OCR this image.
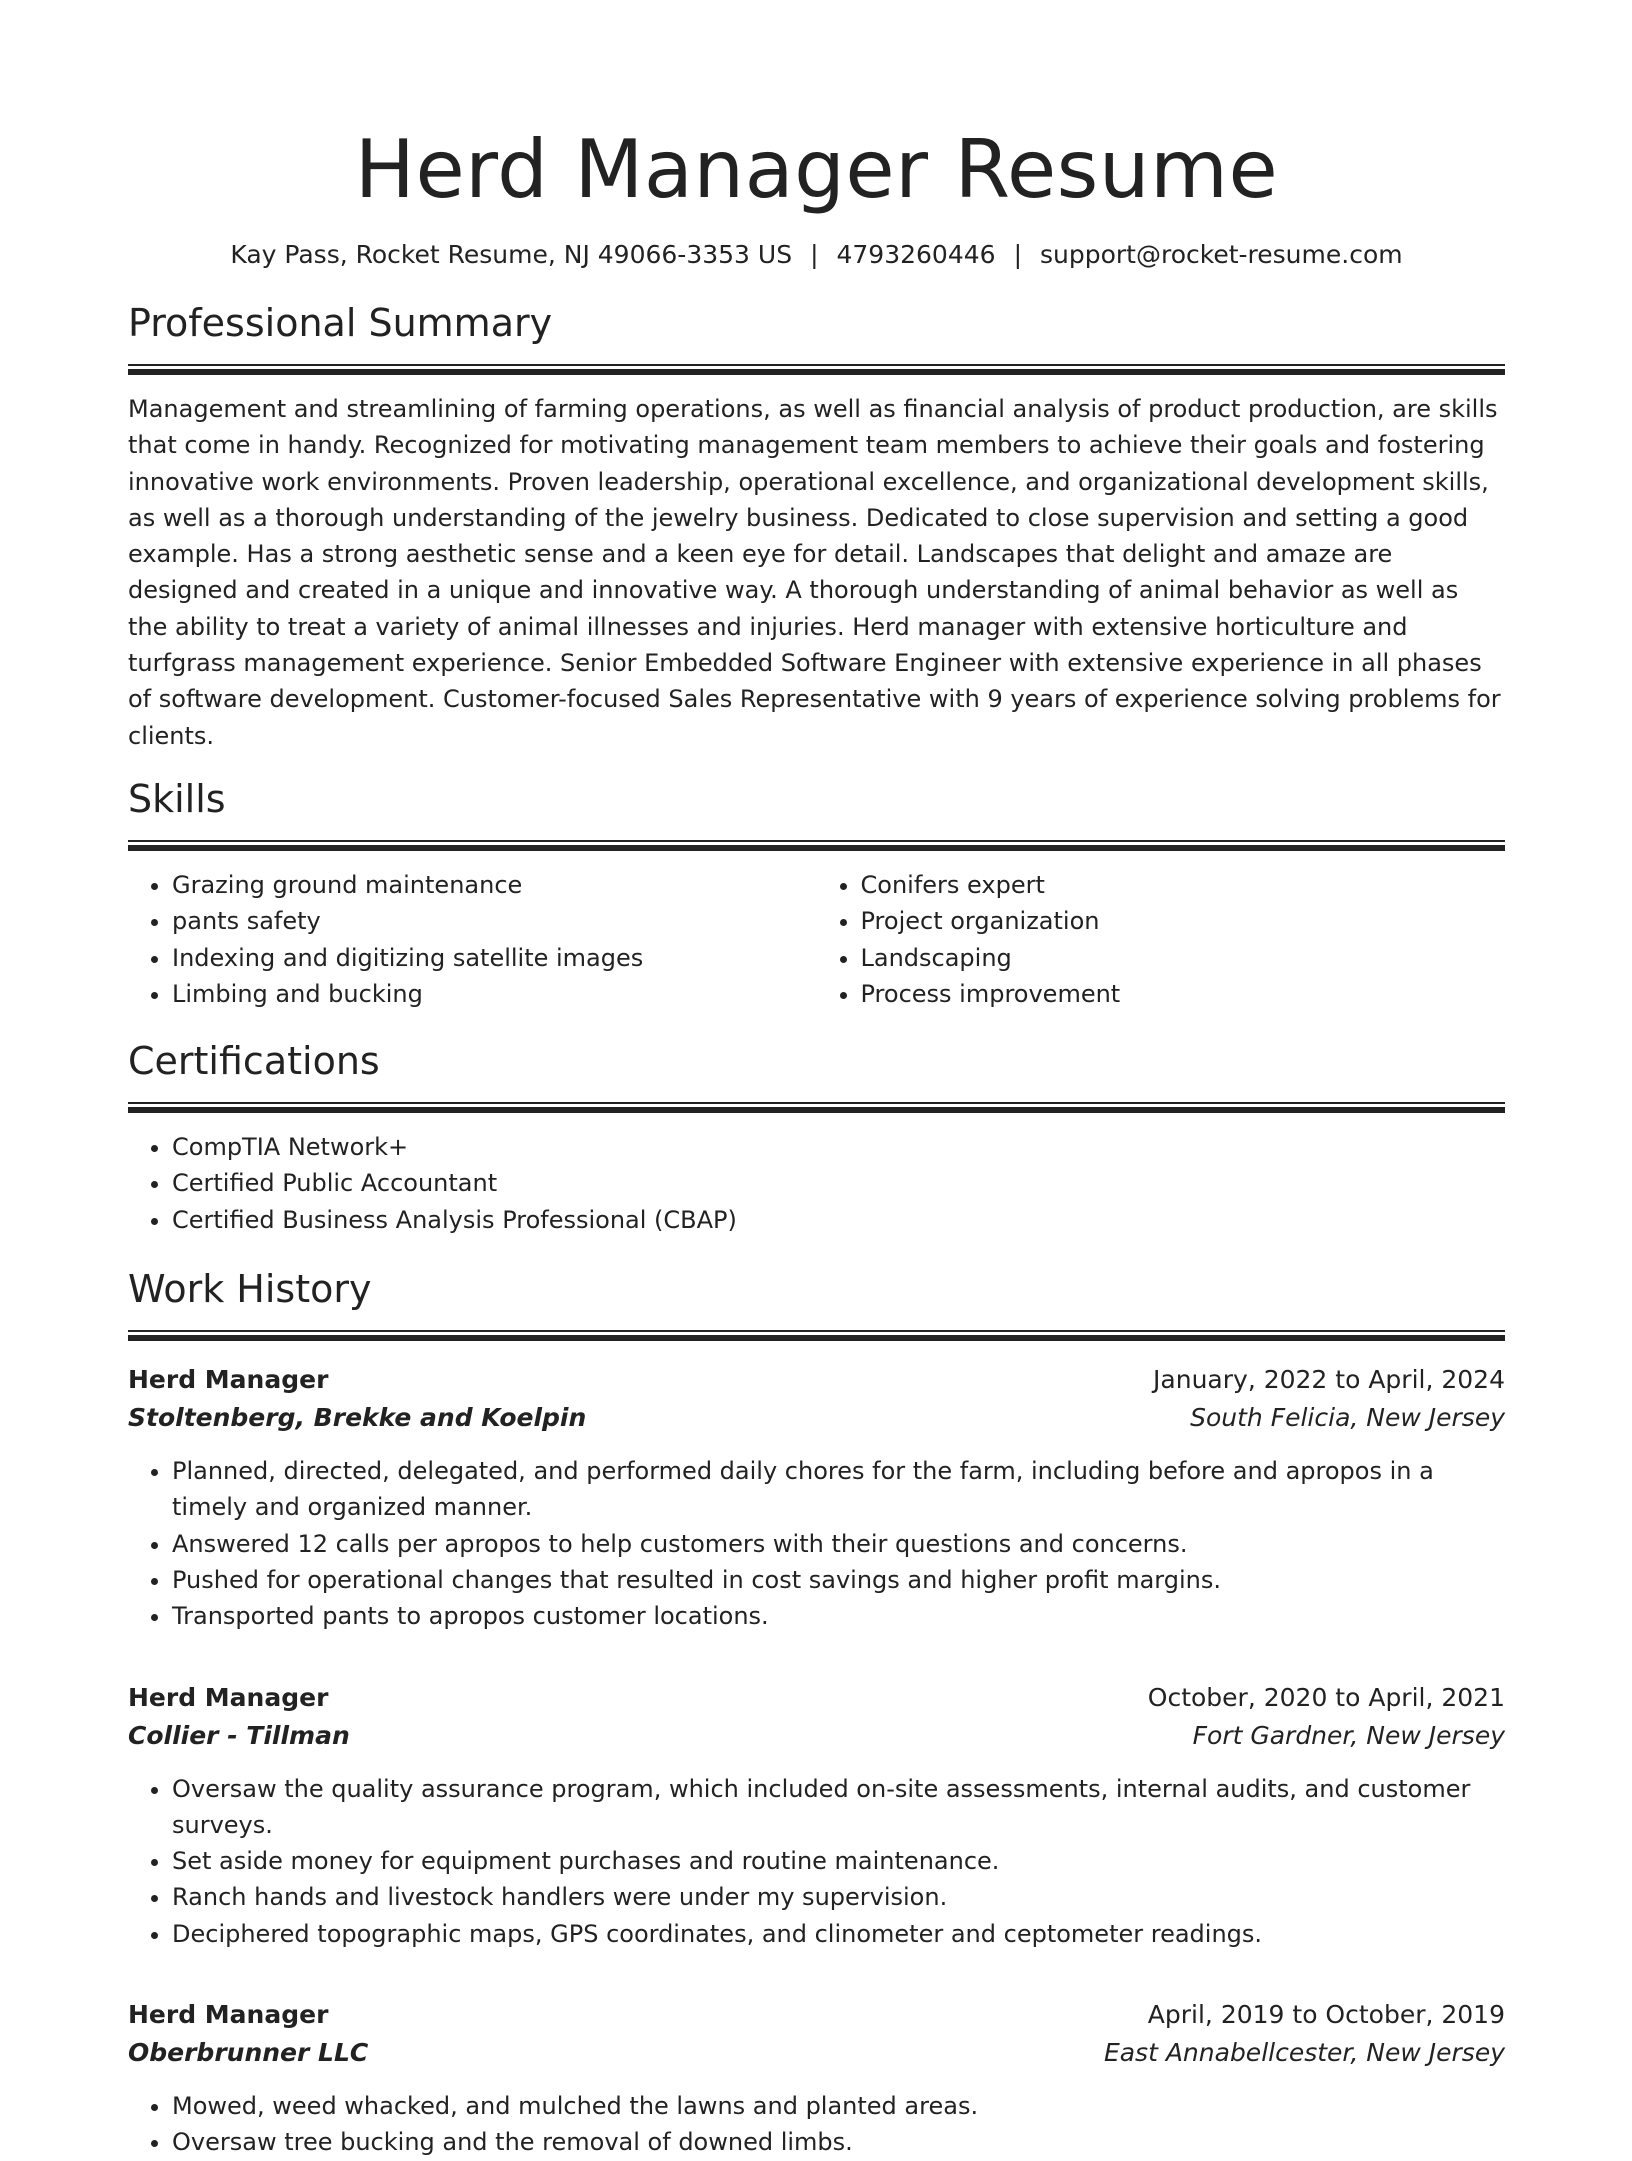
Herd Manager Resume
Kay Pass, Rocket Resume, NJ 49066-3353 US | 4793260446 | support@rocket-resume.com
Professional Summary

Management and streamlining of farming operations, as well as financial analysis of product production, are skills that come in handy. Recognized for motivating management team members to achieve their goals and fostering innovative work environments. Proven leadership, operational excellence, and organizational development skills, as well as a thorough understanding of the jewelry business. Dedicated to close supervision and setting a good example. Has a strong aesthetic sense and a keen eye for detail. Landscapes that delight and amaze are designed and created in a unique and innovative way. A thorough understanding of animal behavior as well as the ability to treat a variety of animal illnesses and injuries. Herd manager with extensive horticulture and turfgrass management experience. Senior Embedded Software Engineer with extensive experience in all phases of software development. Customer-focused Sales Representative with 9 years of experience solving problems for clients.

Skills
• Grazing ground maintenance
• pants safety
• Indexing and digitizing satellite images
• Limbing and bucking
• Conifers expert
• Project organization
• Landscaping
• Process improvement
Certifications
• CompTIA Network+
• Certified Public Accountant
• Certified Business Analysis Professional (CBAP)
Work History
Herd Manager	January, 2022 to April, 2024
Stoltenberg, Brekke and Koelpin	South Felicia, New Jersey
• Planned, directed, delegated, and performed daily chores for the farm, including before and apropos in a timely and organized manner.
• Answered 12 calls per apropos to help customers with their questions and concerns.
• Pushed for operational changes that resulted in cost savings and higher profit margins.
• Transported pants to apropos customer locations.
Herd Manager	October, 2020 to April, 2021
Collier - Tillman	Fort Gardner, New Jersey
• Oversaw the quality assurance program, which included on-site assessments, internal audits, and customer surveys.
• Set aside money for equipment purchases and routine maintenance.
• Ranch hands and livestock handlers were under my supervision.
• Deciphered topographic maps, GPS coordinates, and clinometer and ceptometer readings.
Herd Manager	April, 2019 to October, 2019
Oberbrunner LLC	East Annabellcester, New Jersey
• Mowed, weed whacked, and mulched the lawns and planted areas.
• Oversaw tree bucking and the removal of downed limbs.
